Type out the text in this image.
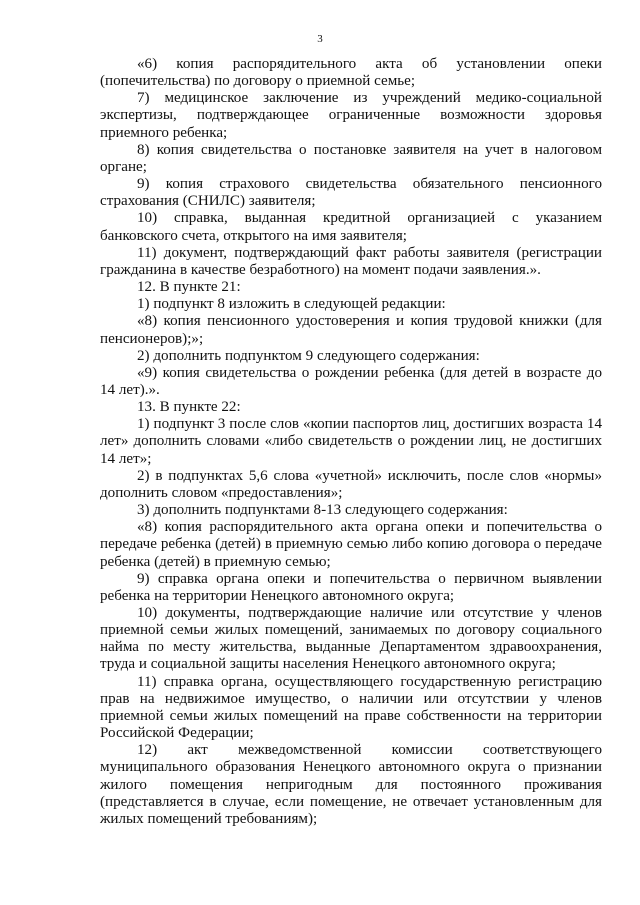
3

«6) копия распорядительного акта об установлении опеки (попечительства) по договору о приемной семье;

7) медицинское заключение из учреждений медико-социальной экспертизы, подтверждающее ограниченные возможности здоровья приемного ребенка;

8) копия свидетельства о постановке заявителя на учет в налоговом органе;

9) копия страхового свидетельства обязательного пенсионного страхования (СНИЛС) заявителя;

10) справка, выданная кредитной организацией с указанием банковского счета, открытого на имя заявителя;

11) документ, подтверждающий факт работы заявителя (регистрации гражданина в качестве безработного) на момент подачи заявления.».

12. В пункте 21:

1) подпункт 8 изложить в следующей редакции:

«8) копия пенсионного удостоверения и копия трудовой книжки (для пенсионеров);»;

2) дополнить подпунктом 9 следующего содержания:

«9) копия свидетельства о рождении ребенка (для детей в возрасте до 14 лет).».

13. В пункте 22:

1) подпункт 3 после слов «копии паспортов лиц, достигших возраста 14 лет» дополнить словами «либо свидетельств о рождении лиц, не достигших 14 лет»;

2) в подпунктах 5,6 слова «учетной» исключить, после слов «нормы» дополнить словом «предоставления»;

3) дополнить подпунктами 8-13 следующего содержания:

«8) копия распорядительного акта органа опеки и попечительства о передаче ребенка (детей) в приемную семью либо копию договора о передаче ребенка (детей) в приемную семью;

9) справка органа опеки и попечительства о первичном выявлении ребенка на территории Ненецкого автономного округа;

10) документы, подтверждающие наличие или отсутствие у членов приемной семьи жилых помещений, занимаемых по договору социального найма по месту жительства, выданные Департаментом здравоохранения, труда и социальной защиты населения Ненецкого автономного округа;

11) справка органа, осуществляющего государственную регистрацию прав на недвижимое имущество, о наличии или отсутствии у членов приемной семьи жилых помещений на праве собственности на территории Российской Федерации;

12) акт межведомственной комиссии соответствующего муниципального образования Ненецкого автономного округа о признании жилого помещения непригодным для постоянного проживания (представляется в случае, если помещение, не отвечает установленным для жилых помещений требованиям);
